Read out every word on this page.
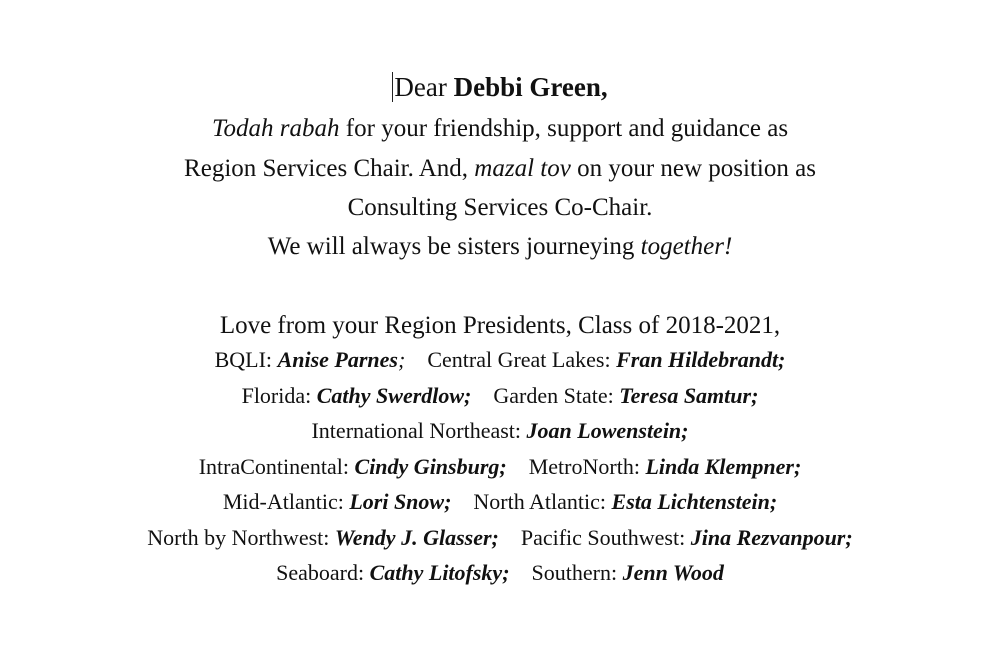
Dear Debbi Green,
Todah rabah for your friendship, support and guidance as
Region Services Chair. And, mazal tov on your new position as
Consulting Services Co-Chair.
We will always be sisters journeying together!
Love from your Region Presidents, Class of 2018-2021,
BQLI: Anise Parnes; Central Great Lakes: Fran Hildebrandt;
Florida: Cathy Swerdlow; Garden State: Teresa Samtur;
International Northeast: Joan Lowenstein;
IntraContinental: Cindy Ginsburg; MetroNorth: Linda Klempner;
Mid-Atlantic: Lori Snow; North Atlantic: Esta Lichtenstein;
North by Northwest: Wendy J. Glasser; Pacific Southwest: Jina Rezvanpour;
Seaboard: Cathy Litofsky; Southern: Jenn Wood
